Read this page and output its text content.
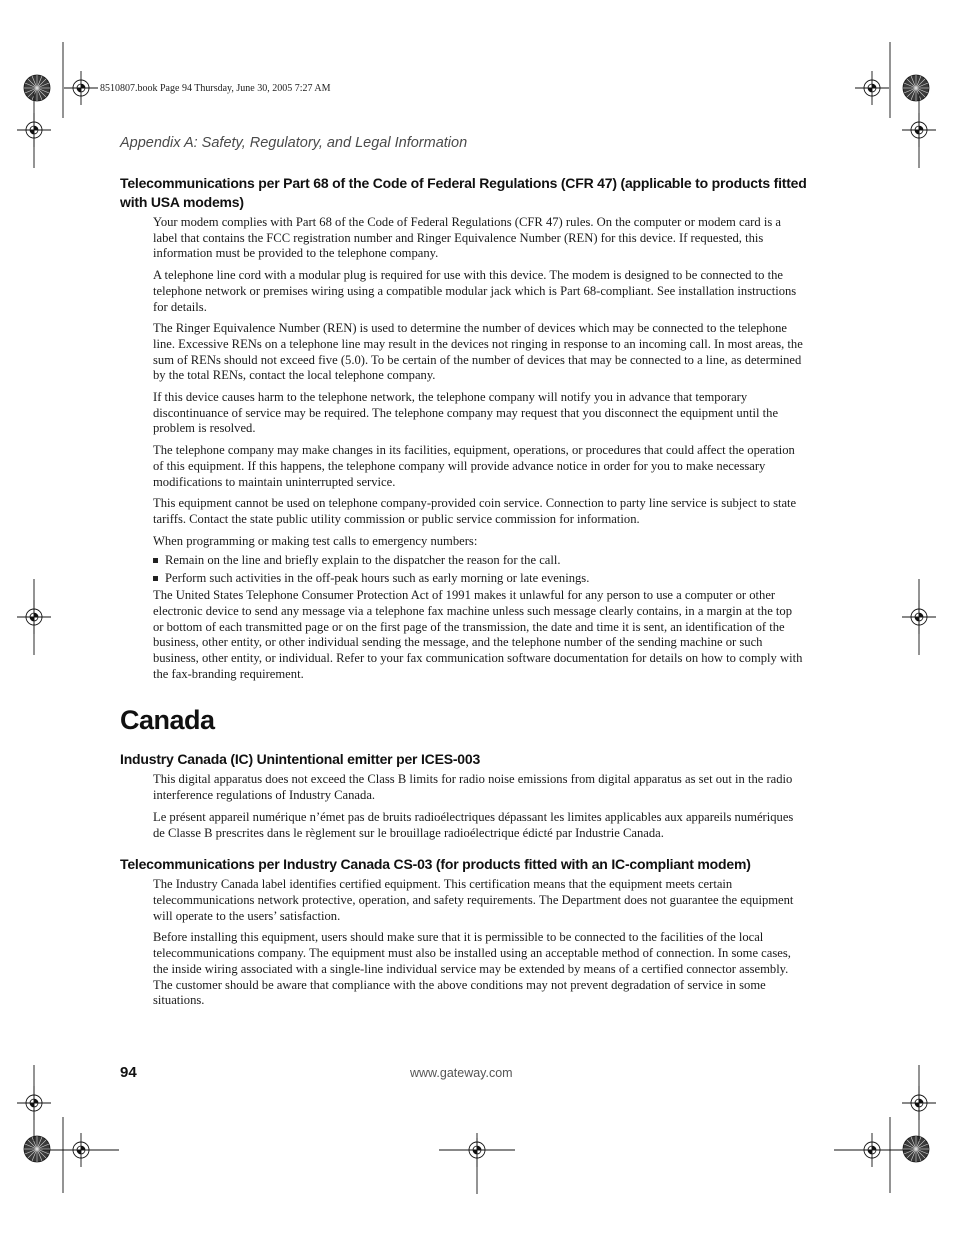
8510807.book Page 94 Thursday, June 30, 2005 7:27 AM
Appendix A: Safety, Regulatory, and Legal Information
Telecommunications per Part 68 of the Code of Federal Regulations (CFR 47) (applicable to products fitted with USA modems)

Your modem complies with Part 68 of the Code of Federal Regulations (CFR 47) rules. On the computer or modem card is a label that contains the FCC registration number and Ringer Equivalence Number (REN) for this device. If requested, this information must be provided to the telephone company.

A telephone line cord with a modular plug is required for use with this device. The modem is designed to be connected to the telephone network or premises wiring using a compatible modular jack which is Part 68-compliant. See installation instructions for details.

The Ringer Equivalence Number (REN) is used to determine the number of devices which may be connected to the telephone line. Excessive RENs on a telephone line may result in the devices not ringing in response to an incoming call. In most areas, the sum of RENs should not exceed five (5.0). To be certain of the number of devices that may be connected to a line, as determined by the total RENs, contact the local telephone company.

If this device causes harm to the telephone network, the telephone company will notify you in advance that temporary discontinuance of service may be required. The telephone company may request that you disconnect the equipment until the problem is resolved.

The telephone company may make changes in its facilities, equipment, operations, or procedures that could affect the operation of this equipment. If this happens, the telephone company will provide advance notice in order for you to make necessary modifications to maintain uninterrupted service.

This equipment cannot be used on telephone company-provided coin service. Connection to party line service is subject to state tariffs. Contact the state public utility commission or public service commission for information.

When programming or making test calls to emergency numbers:

Remain on the line and briefly explain to the dispatcher the reason for the call.
Perform such activities in the off-peak hours such as early morning or late evenings.

The United States Telephone Consumer Protection Act of 1991 makes it unlawful for any person to use a computer or other electronic device to send any message via a telephone fax machine unless such message clearly contains, in a margin at the top or bottom of each transmitted page or on the first page of the transmission, the date and time it is sent, an identification of the business, other entity, or other individual sending the message, and the telephone number of the sending machine or such business, other entity, or individual. Refer to your fax communication software documentation for details on how to comply with the fax-branding requirement.

Canada
Industry Canada (IC) Unintentional emitter per ICES-003

This digital apparatus does not exceed the Class B limits for radio noise emissions from digital apparatus as set out in the radio interference regulations of Industry Canada.

Le présent appareil numérique n’émet pas de bruits radioélectriques dépassant les limites applicables aux appareils numériques de Classe B prescrites dans le règlement sur le brouillage radioélectrique édicté par Industrie Canada.

Telecommunications per Industry Canada CS-03 (for products fitted with an IC-compliant modem)

The Industry Canada label identifies certified equipment. This certification means that the equipment meets certain telecommunications network protective, operation, and safety requirements. The Department does not guarantee the equipment will operate to the users’ satisfaction.

Before installing this equipment, users should make sure that it is permissible to be connected to the facilities of the local telecommunications company. The equipment must also be installed using an acceptable method of connection. In some cases, the inside wiring associated with a single-line individual service may be extended by means of a certified connector assembly. The customer should be aware that compliance with the above conditions may not prevent degradation of service in some situations.

94	www.gateway.com
